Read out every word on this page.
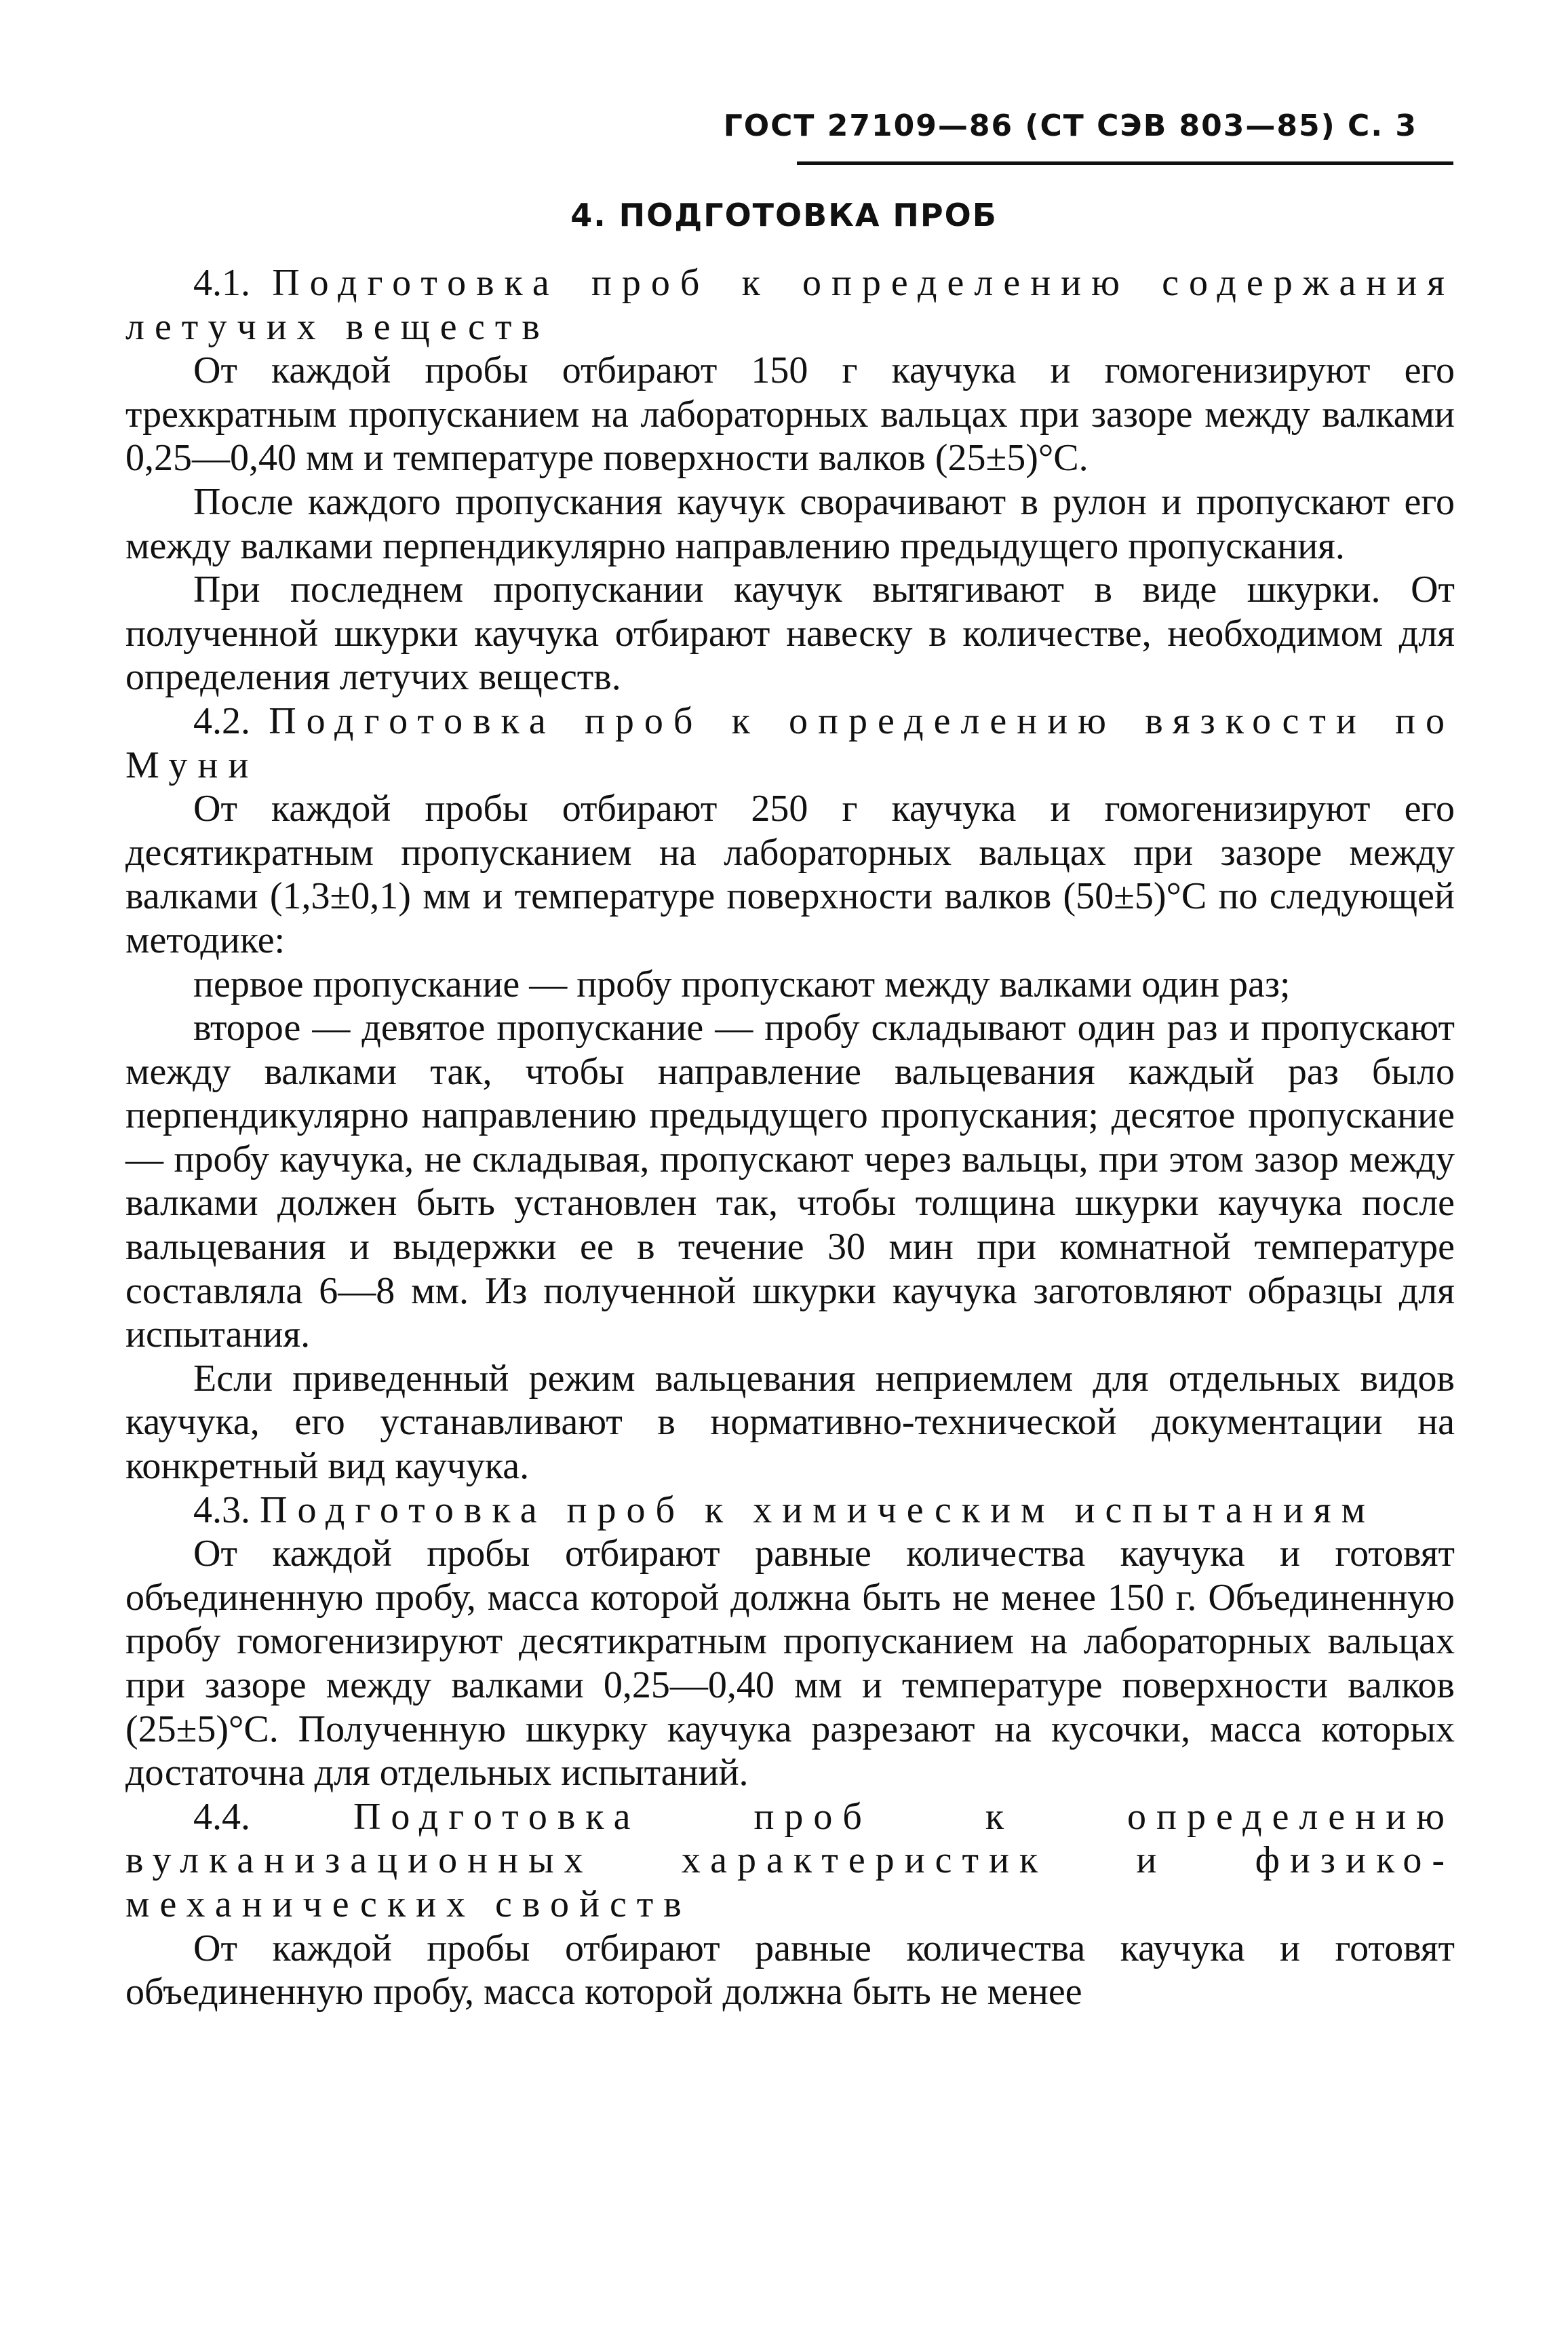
ГОСТ 27109—86 (СТ СЭВ 803—85) С. 3
4. ПОДГОТОВКА ПРОБ

4.1. Подготовка проб к определению содержания летучих веществ

От каждой пробы отбирают 150 г каучука и гомогенизируют его трехкратным пропусканием на лабораторных вальцах при зазоре между валками 0,25—0,40 мм и температуре поверхности валков (25±5)°С.

После каждого пропускания каучук сворачивают в рулон и пропускают его между валками перпендикулярно направлению предыдущего пропускания.

При последнем пропускании каучук вытягивают в виде шкурки. От полученной шкурки каучука отбирают навеску в количестве, необходимом для определения летучих веществ.

4.2. Подготовка проб к определению вязкости по Муни

От каждой пробы отбирают 250 г каучука и гомогенизируют его десятикратным пропусканием на лабораторных вальцах при зазоре между валками (1,3±0,1) мм и температуре поверхности валков (50±5)°С по следующей методике:

первое пропускание — пробу пропускают между валками один раз;

второе — девятое пропускание — пробу складывают один раз и пропускают между валками так, чтобы направление вальцевания каждый раз было перпендикулярно направлению предыдущего пропускания; десятое пропускание — пробу каучука, не складывая, пропускают через вальцы, при этом зазор между валками должен быть установлен так, чтобы толщина шкурки каучука после вальцевания и выдержки ее в течение 30 мин при комнатной температуре составляла 6—8 мм. Из полученной шкурки каучука заготовляют образцы для испытания.

Если приведенный режим вальцевания неприемлем для отдельных видов каучука, его устанавливают в нормативно-технической документации на конкретный вид каучука.

4.3. Подготовка проб к химическим испытаниям

От каждой пробы отбирают равные количества каучука и готовят объединенную пробу, масса которой должна быть не менее 150 г. Объединенную пробу гомогенизируют десятикратным пропусканием на лабораторных вальцах при зазоре между валками 0,25—0,40 мм и температуре поверхности валков (25±5)°С. Полученную шкурку каучука разрезают на кусочки, масса которых достаточна для отдельных испытаний.

4.4.	Подготовка проб к определению вулканизационных характеристик и физико-механических свойств

От каждой пробы отбирают равные количества каучука и готовят объединенную пробу, масса которой должна быть не менее
